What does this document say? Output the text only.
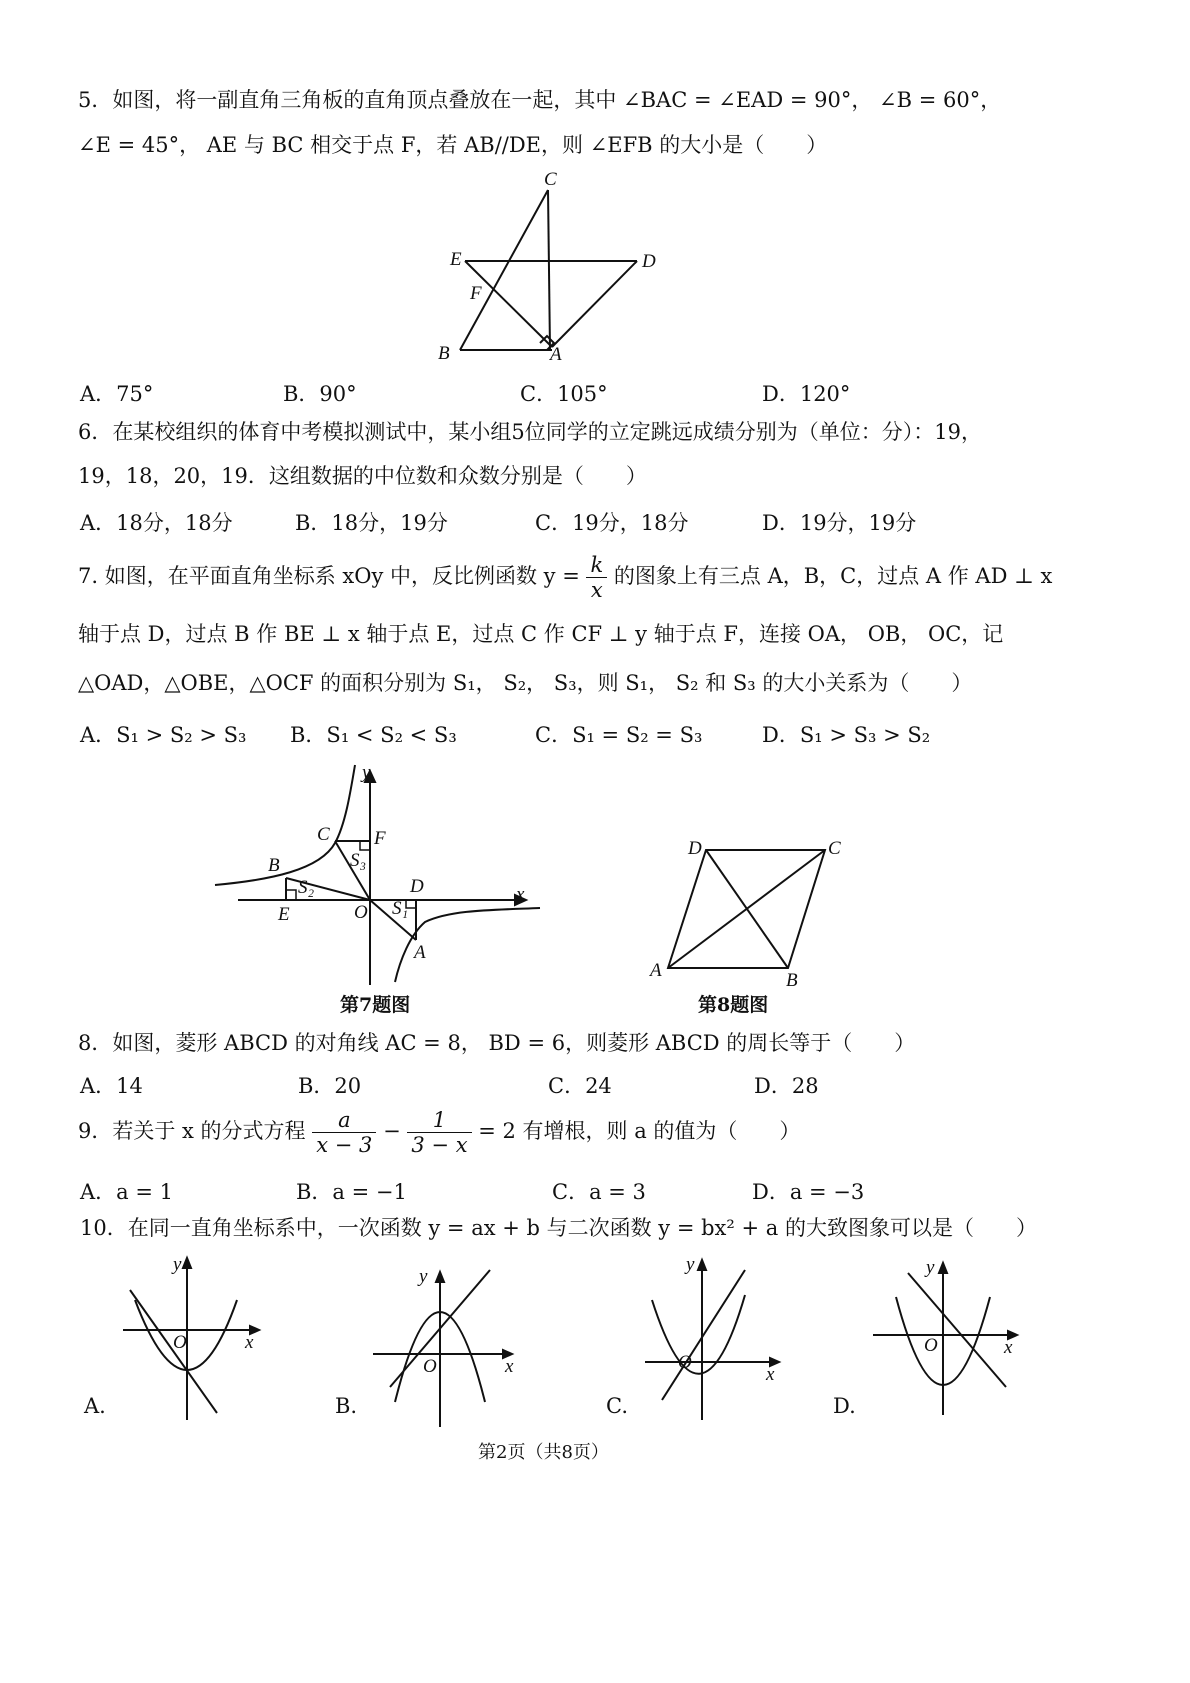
5．如图，将一副直角三角板的直角顶点叠放在一起，其中 ∠BAC = ∠EAD = 90°， ∠B = 60°，
∠E = 45°， AE 与 BC 相交于点 F，若 AB//DE，则 ∠EFB 的大小是（　　）
C
E	D
F
B	A
A．75°	B．90°	C．105°	D．120°
6．在某校组织的体育中考模拟测试中，某小组5位同学的立定跳远成绩分别为（单位：分）：19，
19，18，20，19．这组数据的中位数和众数分别是（　　）
A．18分，18分	B．18分，19分	C．19分，18分	D．19分，19分
7. 如图，在平面直角坐标系 xOy 中，反比例函数 $y = \frac{k}{x}$ 的图象上有三点 A，B，C，过点 A 作 AD ⊥ x
轴于点 D，过点 B 作 BE ⊥ x 轴于点 E，过点 C 作 CF ⊥ y 轴于点 F，连接 OA， OB， OC，记
△OAD，△OBE，△OCF 的面积分别为 S₁， S₂， S₃，则 S₁， S₂ 和 S₃ 的大小关系为（　　）
A．S₁ > S₂ > S₃ B．S₁ < S₂ < S₃	C．S₁ = S₂ = S₃	D．S₁ > S₃ > S₂
y
x
C F
B
S₂
S₃
S₁
D
E	O
A
第7题图
D	C
A	B
第8题图
8．如图，菱形 ABCD 的对角线 AC = 8， BD = 6，则菱形 ABCD 的周长等于（　　）
A．14	B．20	C．24	D．28
9．若关于 x 的分式方程 $\frac{a}{x - 3} - \frac{1}{3 - x} = 2$ 有增根，则 a 的值为（　　）
A．a = 1	B．a = −1	C．a = 3	D．a = −3
10．在同一直角坐标系中，一次函数 y = ax + b 与二次函数 y = bx² + a 的大致图象可以是（　　）
y
x
O
A.
y
x
O
B.
y
x
O
C.
y
x
O
D.
第2页（共8页）
